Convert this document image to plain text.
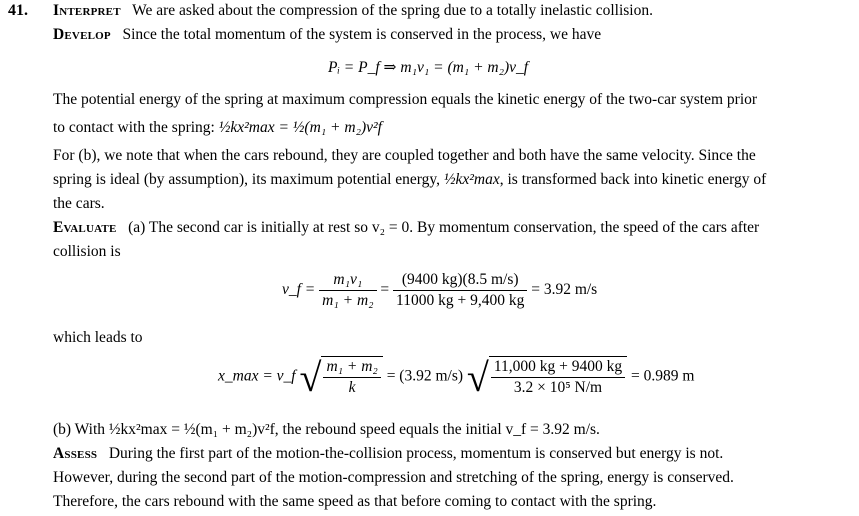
41. Interpret We are asked about the compression of the spring due to a totally inelastic collision.
Develop Since the total momentum of the system is conserved in the process, we have
Pᵢ = P_f ⇒ m₁v₁ = (m₁ + m₂)v_f
The potential energy of the spring at maximum compression equals the kinetic energy of the two-car system prior
to contact with the spring: ½kx²max = ½(m₁ + m₂)v²f
For (b), we note that when the cars rebound, they are coupled together and both have the same velocity. Since the
spring is ideal (by assumption), its maximum potential energy, ½kx²max, is transformed back into kinetic energy of
the cars.
Evaluate (a) The second car is initially at rest so v₂ = 0. By momentum conservation, the speed of the cars after
collision is
v_f = $\frac{\text{m₁v₁}}{\text{m₁ + m₂}} = \frac{(9400 kg)(8.5 m/s)}{11000 kg + 9,400 kg} = 3.92$ m/s
which leads to
x_max = v_f √ $\frac{\text{m₁ + m₂}}{k} = (3.92$ m/s) √ $\frac{11,000 kg + 9400 kg}{\text{3.2 × 10⁵ N/m}} = 0.989$ m
(b) With ½kx²max = ½(m₁ + m₂)v²f, the rebound speed equals the initial v_f = 3.92 m/s.
Assess During the first part of the motion-the-collision process, momentum is conserved but energy is not.
However, during the second part of the motion-compression and stretching of the spring, energy is conserved.
Therefore, the cars rebound with the same speed as that before coming to contact with the spring.
